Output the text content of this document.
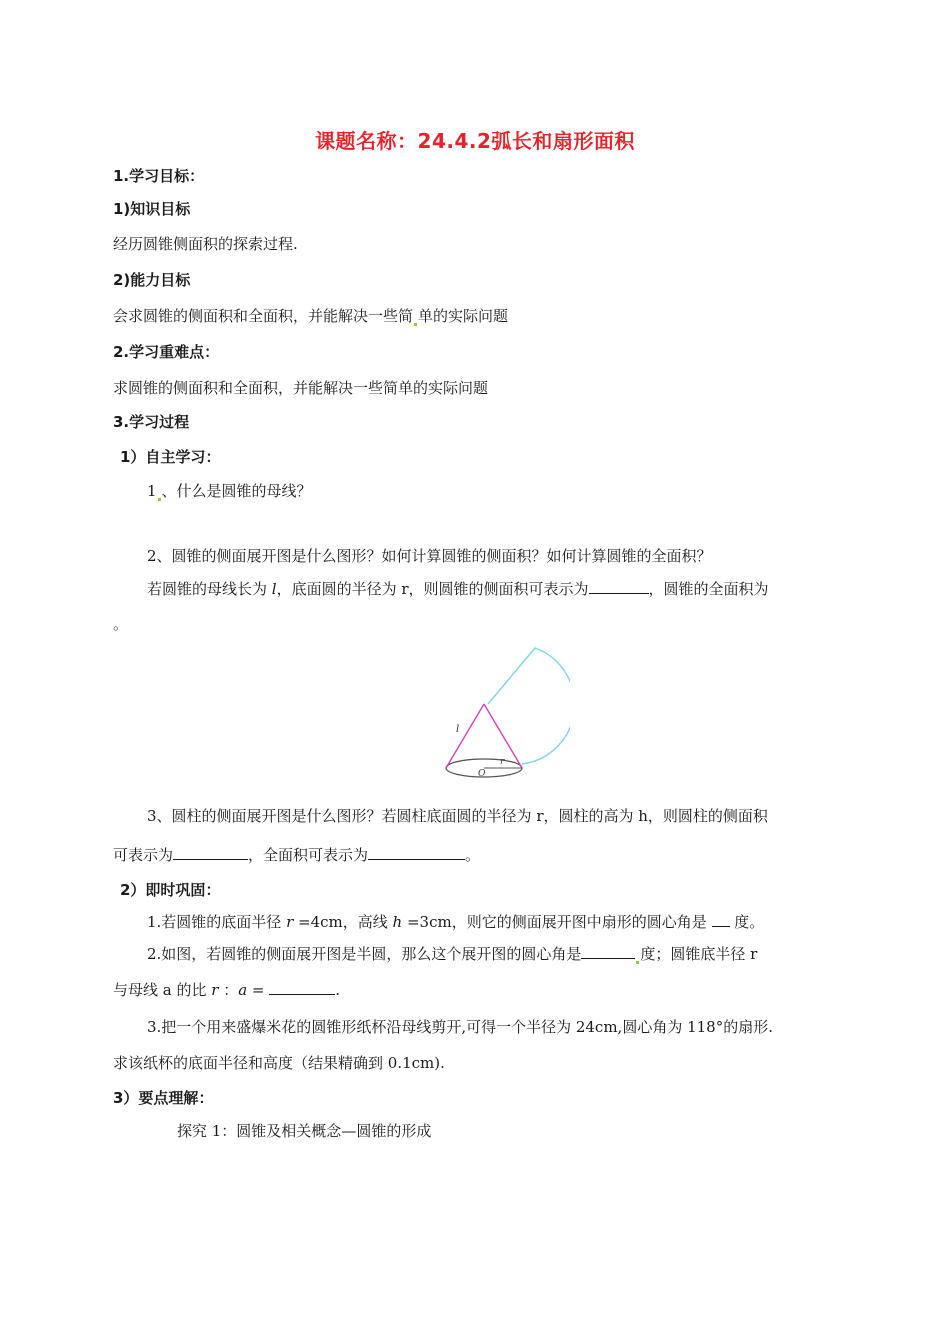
课题名称：24.4.2弧长和扇形面积
1.学习目标：
1)知识目标
经历圆锥侧面积的探索过程.
2)能力目标
会求圆锥的侧面积和全面积，并能解决一些简 单的实际问题
2.学习重难点：
求圆锥的侧面积和全面积，并能解决一些简单的实际问题
3.学习过程
1）自主学习：
1 、什么是圆锥的母线？
2、圆锥的侧面展开图是什么图形？如何计算圆锥的侧面积？如何计算圆锥的全面积？
若圆锥的母线长为 l，底面圆的半径为 r，则圆锥的侧面积可表示为	，圆锥的全面积为
。
l
r
O
3、圆柱的侧面展开图是什么图形？若圆柱底面圆的半径为 r，圆柱的高为 h，则圆柱的侧面积
可表示为	，全面积可表示为	。
2）即时巩固：
1.若圆锥的底面半径 r =4cm，高线 h =3cm，则它的侧面展开图中扇形的圆心角是  度。
2.如图，若圆锥的侧面展开图是半圆，那么这个展开图的圆心角是	度；圆锥底半径 r
与母线 a 的比 r ：a =	.
3.把一个用来盛爆米花的圆锥形纸杯沿母线剪开,可得一个半径为 24cm,圆心角为 118°的扇形.
求该纸杯的底面半径和高度（结果精确到 0.1cm).
3）要点理解：
探究 1：圆锥及相关概念—圆锥的形成
